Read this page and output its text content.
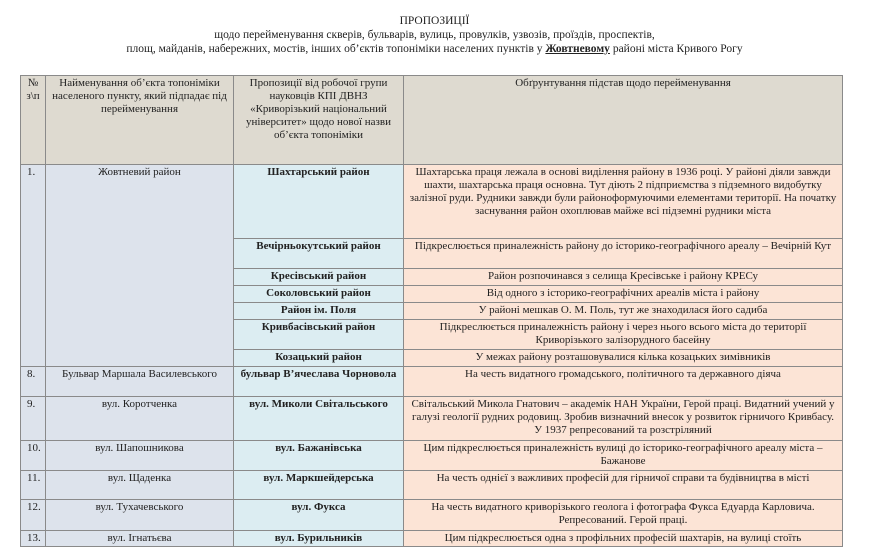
ПРОПОЗИЦІЇ
щодо перейменування скверів, бульварів, вулиць, провулків, узвозів, проїздів, проспектів,
площ, майданів, набережних, мостів, інших об’єктів топоніміки населених пунктів у Жовтневому районі міста Кривого Рогу
№ з\п	Найменування об’єкта топоніміки населеного пункту, який підпадає під перейменування	Пропозиції від робочої групи науковців КПІ ДВНЗ «Криворізький національний університет» щодо нової назви об’єкта топоніміки	Обґрунтування підстав щодо перейменування
1.	Жовтневий район	Шахтарський район	Шахтарська праця лежала в основі виділення району в 1936 році. У районі діяли завжди шахти, шахтарська праця основна. Тут діють 2 підприємства з підземного видобутку залізної руди. Рудники завжди були районоформуючими елементами території. На початку заснування район охоплював майже всі підземні рудники міста
		Вечірньокутський район	Підкреслюється приналежність району до історико-географічного ареалу – Вечірній Кут
		Кресівський район	Район розпочинався з селища Кресівське і району КРЕСу
		Соколовський район	Від одного з історико-географічних ареалів міста і району
		Район ім. Поля	У районі мешкав О. М. Поль, тут же знаходилася його садиба
		Кривбасівський район	Підкреслюється приналежність району і через нього всього міста до території Криворізького залізорудного басейну
		Козацький район	У межах району розташовувалися кілька козацьких зимівників
8.	Бульвар Маршала Василевського	бульвар В’ячеслава Чорновола	На честь видатного громадського, політичного та державного діяча
9.	вул. Коротченка	вул. Миколи Світальського	Світальський Микола Гнатович – академік НАН України, Герой праці. Видатний учений у галузі геології рудних родовищ. Зробив визначний внесок у розвиток гірничого Кривбасу. У 1937 репресований та розстріляний
10.	вул. Шапошникова	вул. Бажанівська	Цим підкреслюється приналежність вулиці до історико-географічного ареалу міста – Бажанове
11.	вул. Щаденка	вул. Маркшейдерська	На честь однієї з важливих професій для гірничої справи та будівництва в місті
12.	вул. Тухачевського	вул. Фукса	На честь видатного криворізького геолога і фотографа Фукса Едуарда Карловича. Репресований. Герой праці.
13.	вул. Ігнатьєва	вул. Бурильників	Цим підкреслюється одна з профільних професій шахтарів, на вулиці стоїть
